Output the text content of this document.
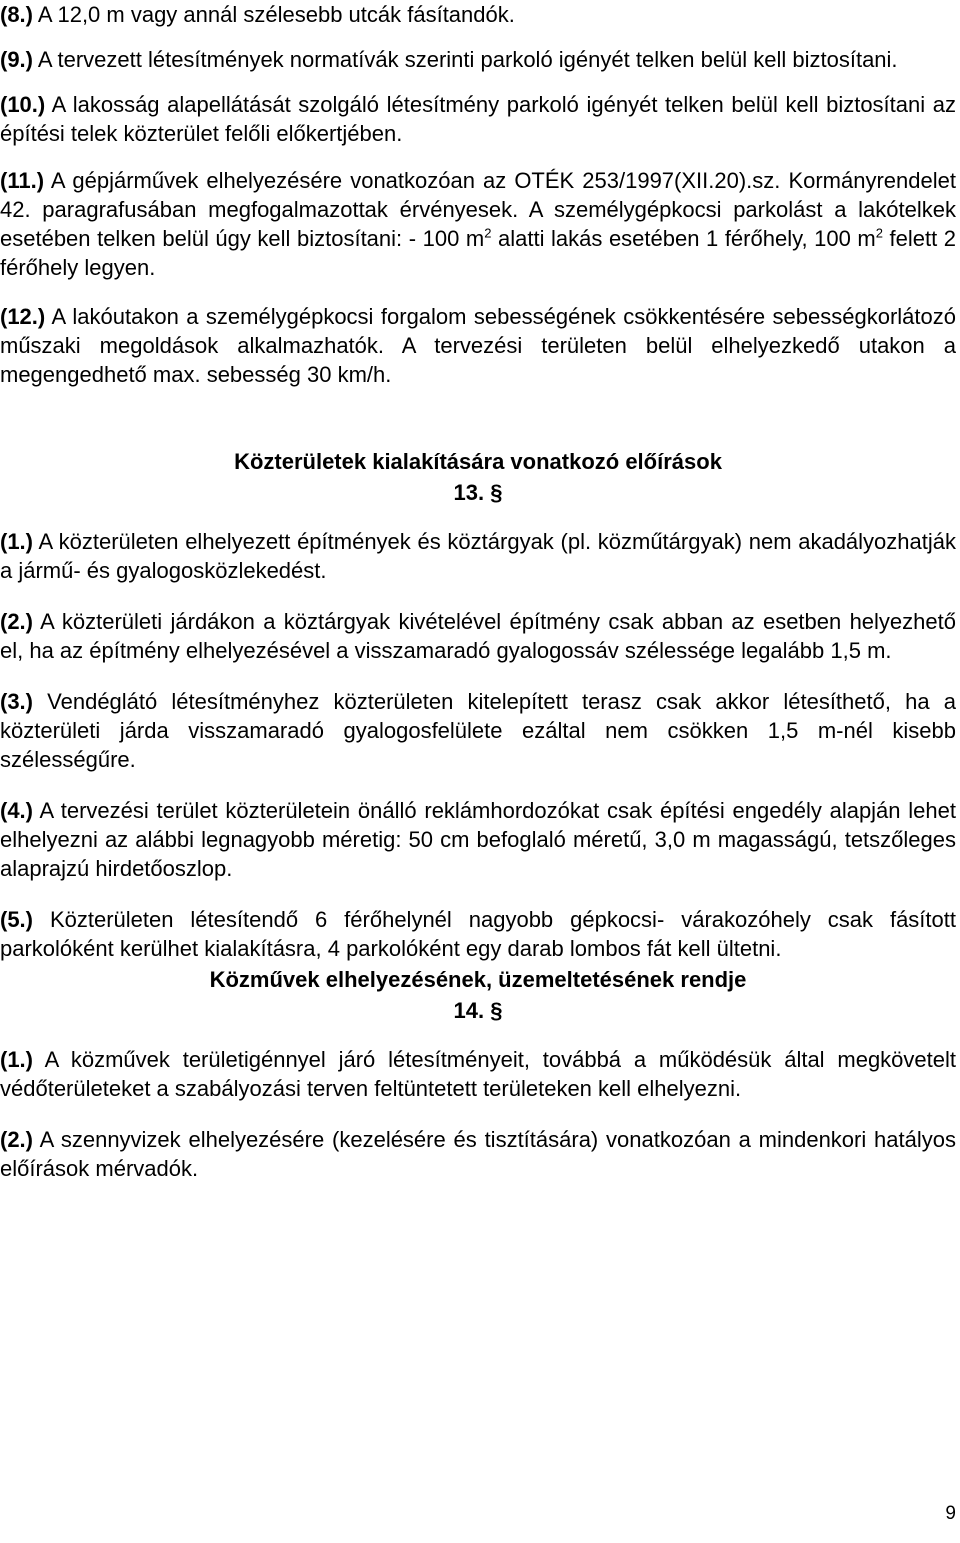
(8.) A 12,0 m vagy annál szélesebb utcák fásítandók.

(9.) A tervezett létesítmények normatívák szerinti parkoló igényét telken belül kell biztosítani.

(10.) A lakosság alapellátását szolgáló létesítmény parkoló igényét telken belül kell biztosítani az építési telek közterület felőli előkertjében.

(11.) A gépjárművek elhelyezésére vonatkozóan az OTÉK 253/1997(XII.20).sz. Kormányrendelet 42. paragrafusában megfogalmazottak érvényesek. A személygépkocsi parkolást a lakótelkek esetében telken belül úgy kell biztosítani: - 100 $m^2$ alatti lakás esetében 1 férőhely, 100 $m^2$ felett 2 férőhely legyen.

(12.) A lakóutakon a személygépkocsi forgalom sebességének csökkentésére sebességkorlátozó műszaki megoldások alkalmazhatók. A tervezési területen belül elhelyezkedő utakon a megengedhető max. sebesség 30 km/h.

Közterületek kialakítására vonatkozó előírások

13. §

(1.) A közterületen elhelyezett építmények és köztárgyak (pl. közműtárgyak) nem akadályozhatják a jármű- és gyalogosközlekedést.

(2.) A közterületi járdákon a köztárgyak kivételével építmény csak abban az esetben helyezhető el, ha az építmény elhelyezésével a visszamaradó gyalogossáv szélessége legalább 1,5 m.

(3.) Vendéglátó létesítményhez közterületen kitelepített terasz csak akkor létesíthető, ha a közterületi járda visszamaradó gyalogosfelülete ezáltal nem csökken 1,5 m-nél kisebb szélességűre.

(4.) A tervezési terület közterületein önálló reklámhordozókat csak építési engedély alapján lehet elhelyezni az alábbi legnagyobb méretig: 50 cm befoglaló méretű, 3,0 m magasságú, tetszőleges alaprajzú hirdetőoszlop.

(5.) Közterületen létesítendő 6 férőhelynél nagyobb gépkocsi- várakozóhely csak fásított parkolóként kerülhet kialakításra, 4 parkolóként egy darab lombos fát kell ültetni.

Közművek elhelyezésének, üzemeltetésének rendje

14. §

(1.) A közművek területigénnyel járó létesítményeit, továbbá a működésük által megkövetelt védőterületeket a szabályozási terven feltüntetett területeken kell elhelyezni.

(2.) A szennyvizek elhelyezésére (kezelésére és tisztítására) vonatkozóan a mindenkori hatályos előírások mérvadók.

9
